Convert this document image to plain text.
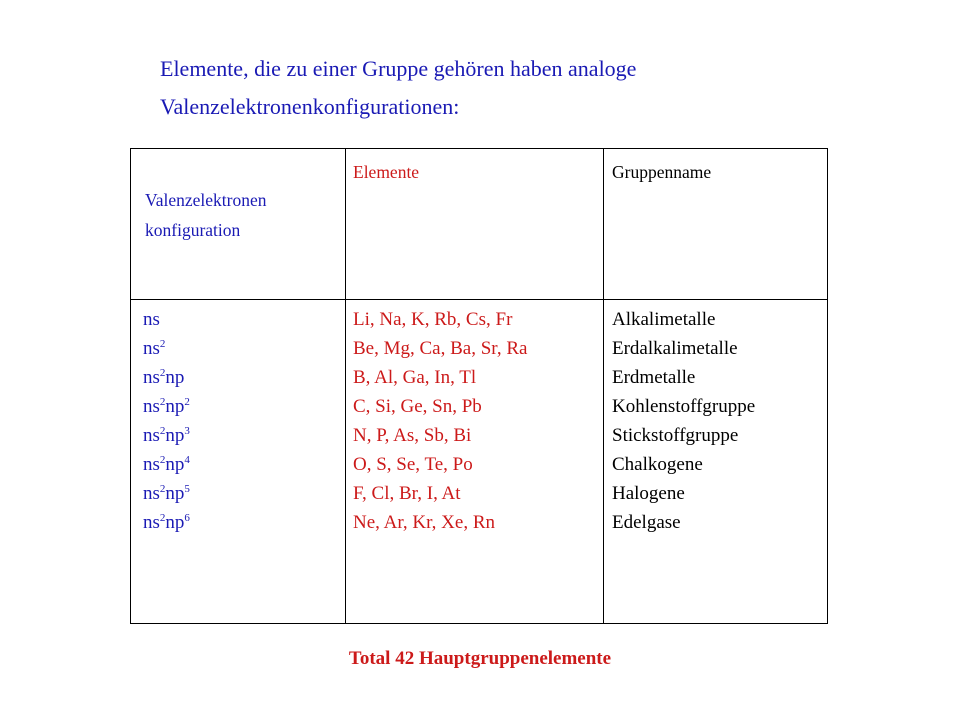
Elemente, die zu einer Gruppe gehören haben analoge
Valenzelektronenkonfigurationen:
Valenzelektronen
konfiguration
Elemente	Gruppenname
ns
$ns^2$
$ns^2np$
$ns^2np^2$
$ns^2np^3$
$ns^2np^4$
$ns^2np^5$
$ns^2np^6$
Li, Na, K, Rb, Cs, Fr
Be, Mg, Ca, Ba, Sr, Ra
B, Al, Ga, In, Tl
C, Si, Ge, Sn, Pb
N, P, As, Sb, Bi
O, S, Se, Te, Po
F, Cl, Br, I, At
Ne, Ar, Kr, Xe, Rn
Alkalimetalle
Erdalkalimetalle
Erdmetalle
Kohlenstoffgruppe
Stickstoffgruppe
Chalkogene
Halogene
Edelgase

Total 42 Hauptgruppenelemente
